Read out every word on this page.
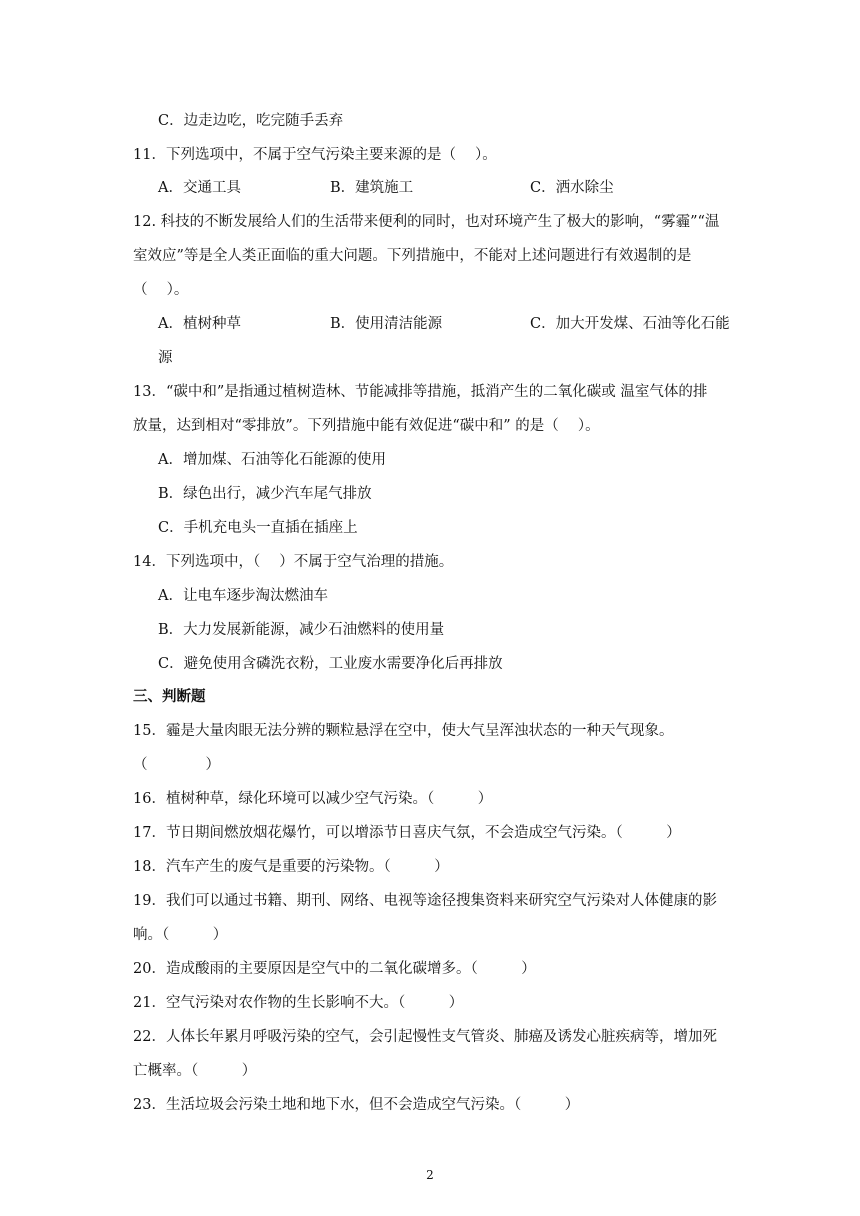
C．边走边吃，吃完随手丢弃
11．下列选项中，不属于空气污染主要来源的是（　 ）。
A．交通工具	B．建筑施工	C．洒水除尘
12. 科技的不断发展给人们的生活带来便利的同时，也对环境产生了极大的影响，“雾霾”“温
室效应”等是全人类正面临的重大问题。下列措施中，不能对上述问题进行有效遏制的是
（　 ）。
A．植树种草	B．使用清洁能源	C．加大开发煤、石油等化石能
源
13．“碳中和”是指通过植树造林、节能减排等措施，抵消产生的二氧化碳或 温室气体的排
放量，达到相对“零排放”。下列措施中能有效促进“碳中和” 的是（　 ）。
A．增加煤、石油等化石能源的使用
B．绿色出行，减少汽车尾气排放
C．手机充电头一直插在插座上
14．下列选项中，（　 ）不属于空气治理的措施。
A．让电车逐步淘汰燃油车
B．大力发展新能源，减少石油燃料的使用量
C．避免使用含磷洗衣粉，工业废水需要净化后再排放
三、判断题
15．霾是大量肉眼无法分辨的颗粒悬浮在空中，使大气呈浑浊状态的一种天气现象。
（　　　　）
16．植树种草，绿化环境可以减少空气污染。（　　　）
17．节日期间燃放烟花爆竹，可以增添节日喜庆气氛，不会造成空气污染。（　　　）
18．汽车产生的废气是重要的污染物。（　　　）
19．我们可以通过书籍、期刊、网络、电视等途径搜集资料来研究空气污染对人体健康的影
响。（　　　）
20．造成酸雨的主要原因是空气中的二氧化碳增多。（　　　）
21．空气污染对农作物的生长影响不大。（　　　）
22．人体长年累月呼吸污染的空气，会引起慢性支气管炎、肺癌及诱发心脏疾病等，增加死
亡概率。（　　　）
23．生活垃圾会污染土地和地下水，但不会造成空气污染。（　　　）
2
